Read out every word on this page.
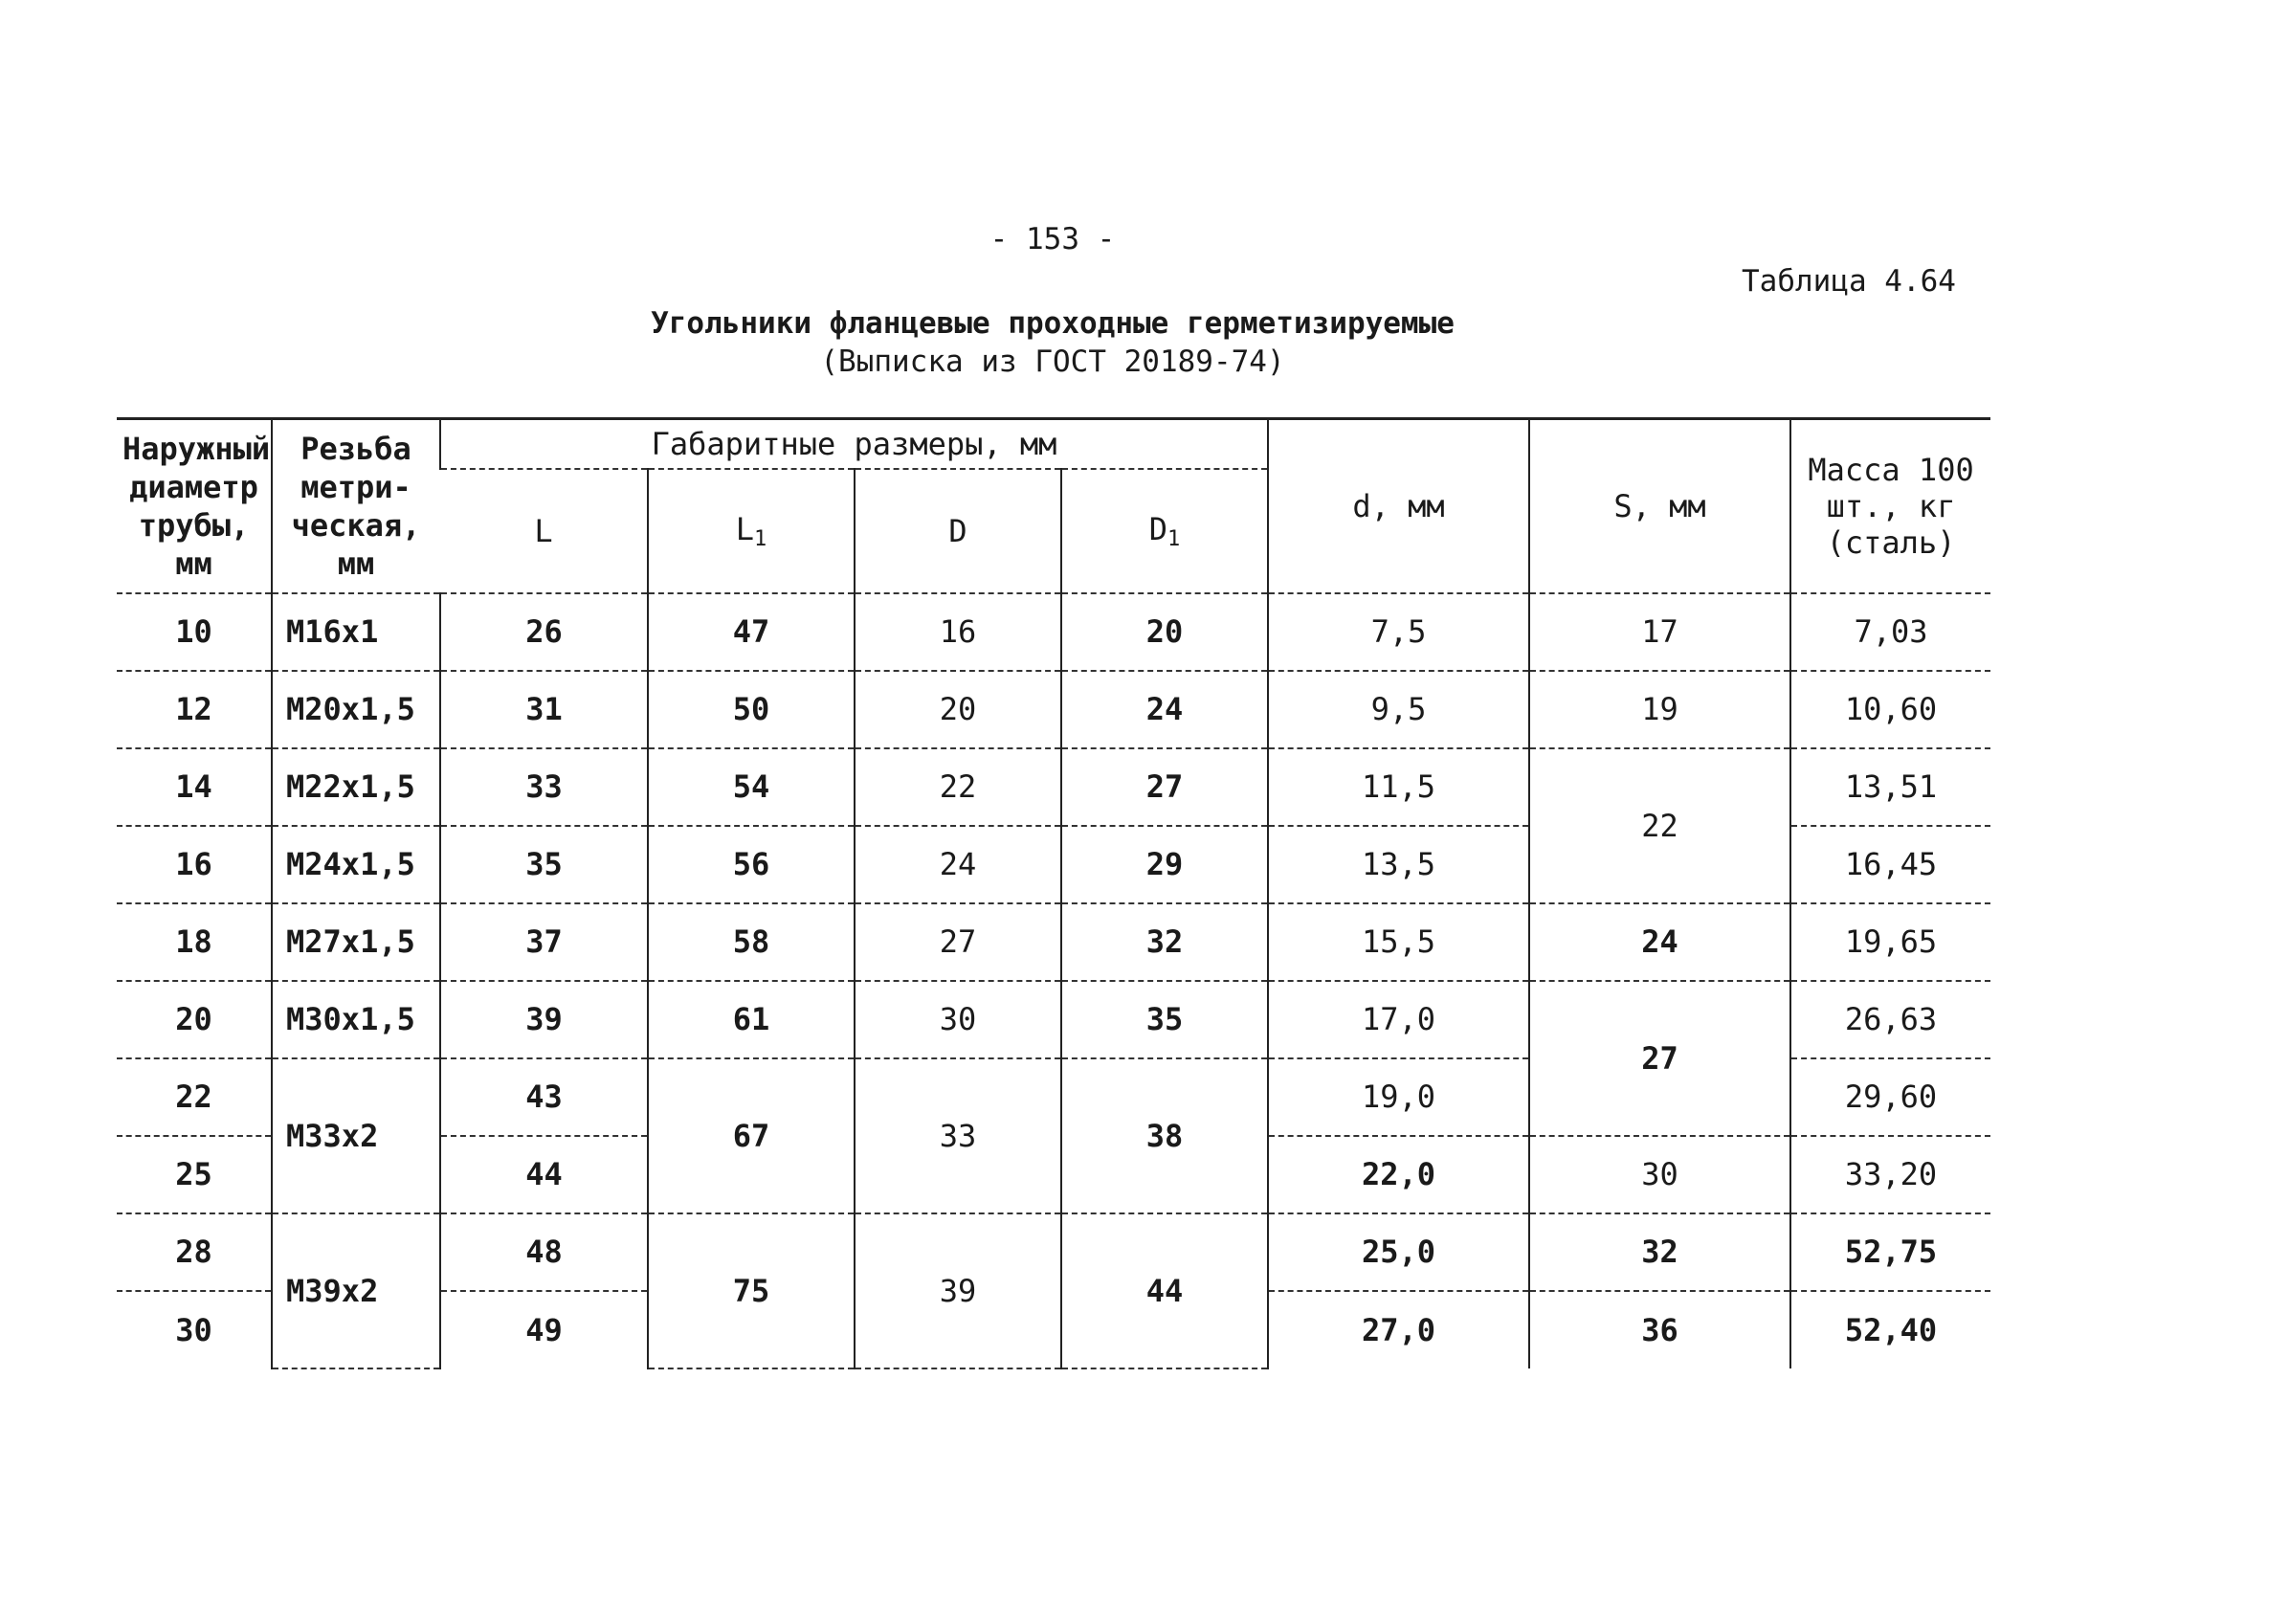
- 153 -
Таблица 4.64
Угольники фланцевые проходные герметизируемые
(Выписка из ГОСТ 20189-74)
Наружный диаметр трубы, мм	Резьба метри- ческая, мм	Габаритные размеры, мм				d, мм	S, мм	Масса 100 шт., кг (сталь)
		L	$L_1$	D	$D_1$
10	М16х1	26	47	16	20	7,5	17	7,03
12	М20х1,5	31	50	20	24	9,5	19	10,60
14	М22х1,5	33	54	22	27	11,5	22	13,51
16	М24х1,5	35	56	24	29	13,5		16,45
18	М27х1,5	37	58	27	32	15,5	24	19,65
20	М30х1,5	39	61	30	35	17,0	27	26,63
22	М33х2	43	67	33	38	19,0		29,60
25		44				22,0	30	33,20
28	М39х2	48	75	39	44	25,0	32	52,75
30		49				27,0	36	52,40
